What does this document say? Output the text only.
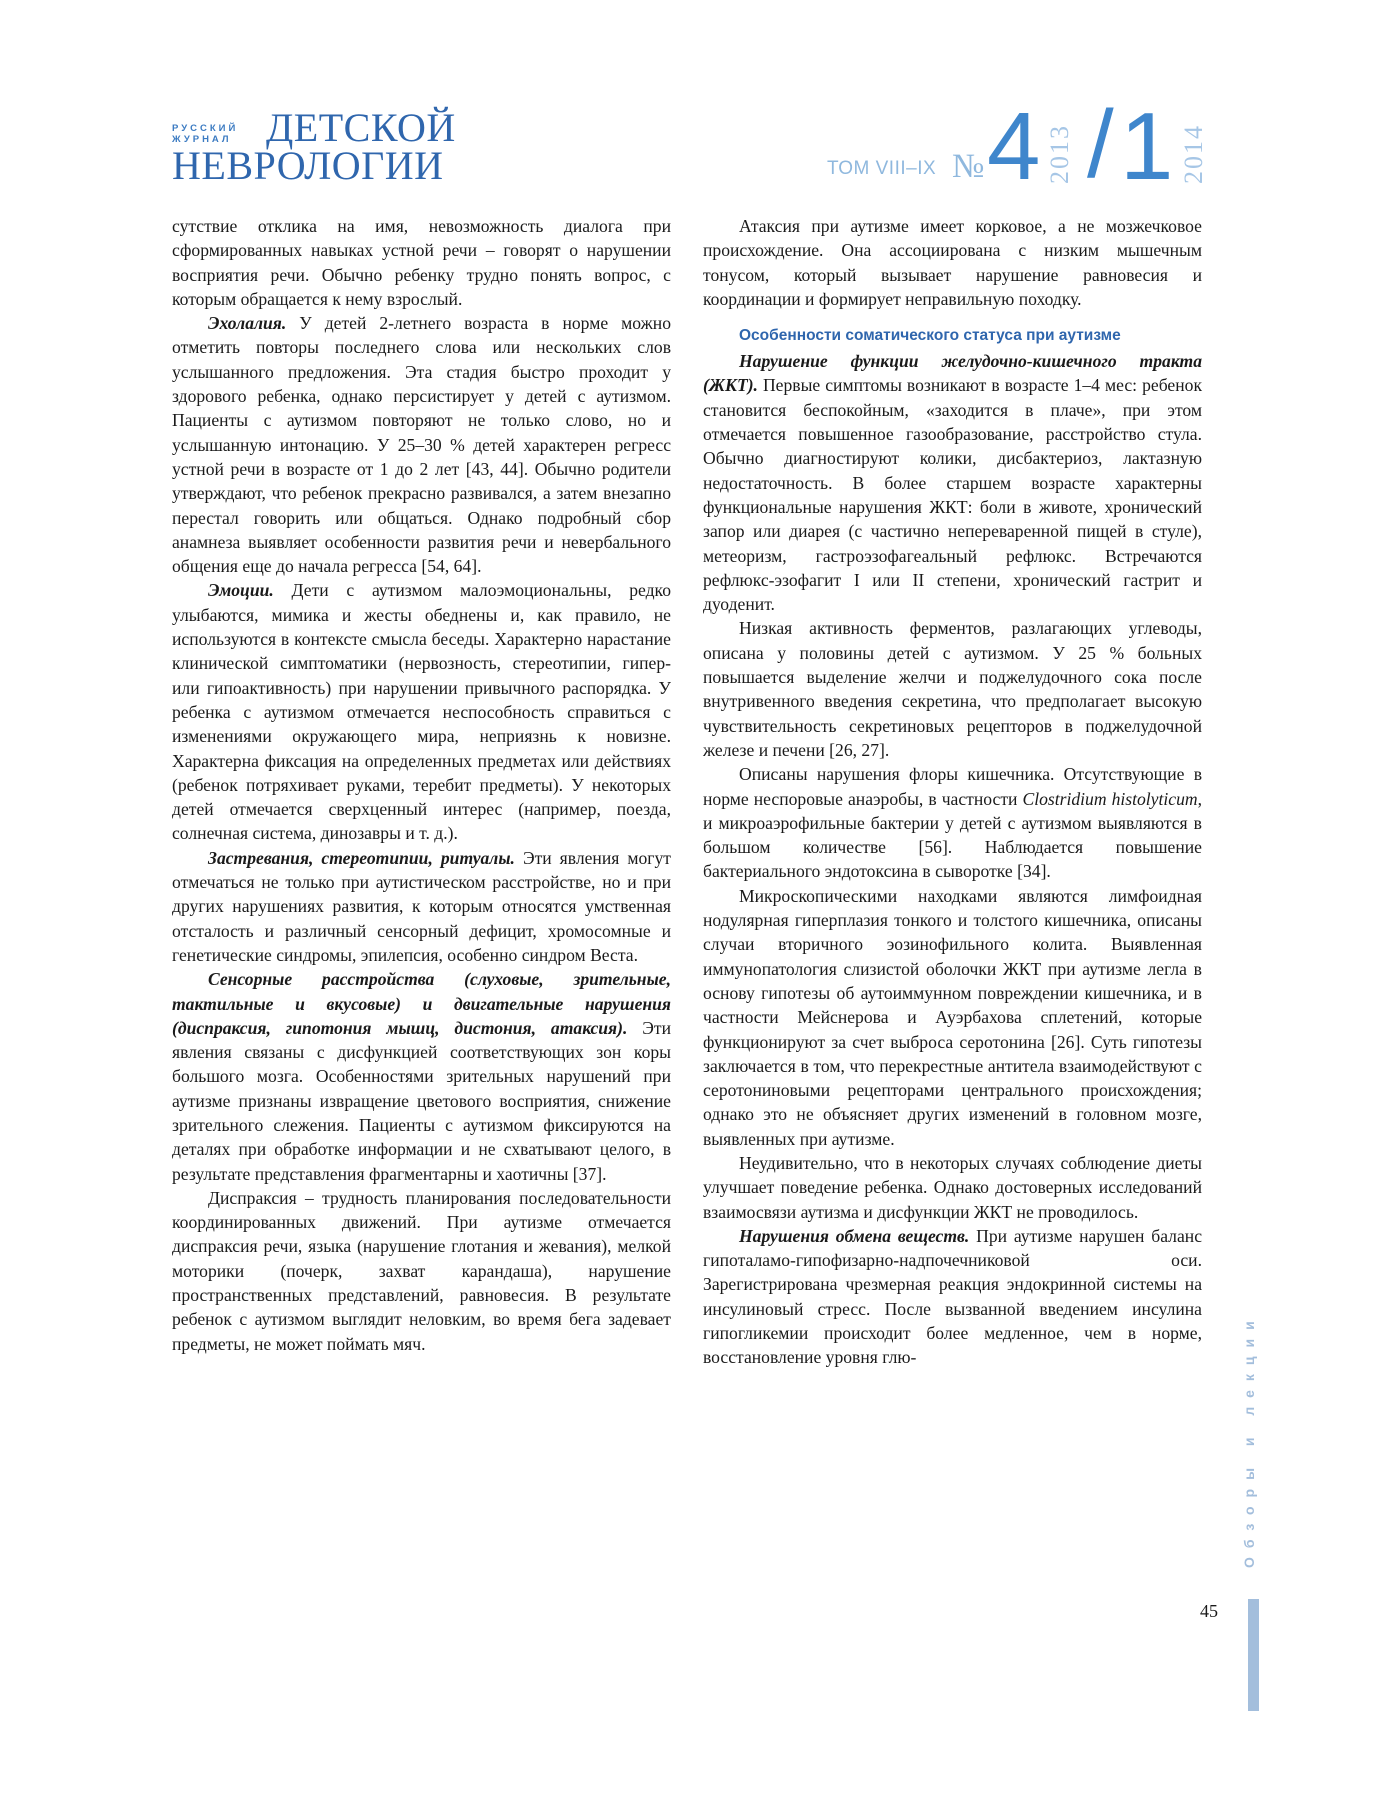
РУССКИЙ ЖУРНАЛ ДЕТСКОЙ
НЕВРОЛОГИИ	ТОМ VIII–IX № 4 2013 / 1 2014

сутствие отклика на имя, невозможность диалога при сформированных навыках устной речи – говорят о нарушении восприятия речи. Обычно ребенку трудно понять вопрос, с которым обращается к нему взрослый.

Эхолалия. У детей 2-летнего возраста в норме можно отметить повторы последнего слова или нескольких слов услышанного предложения. Эта стадия быстро проходит у здорового ребенка, однако персистирует у детей с аутизмом. Пациенты с аутизмом повторяют не только слово, но и услышанную интонацию. У 25–30 % детей характерен регресс устной речи в возрасте от 1 до 2 лет [43, 44]. Обычно родители утверждают, что ребенок прекрасно развивался, а затем внезапно перестал говорить или общаться. Однако подробный сбор анамнеза выявляет особенности развития речи и невербального общения еще до начала регресса [54, 64].

Эмоции. Дети с аутизмом малоэмоциональны, редко улыбаются, мимика и жесты обеднены и, как правило, не используются в контексте смысла беседы. Характерно нарастание клинической симптоматики (нервозность, стереотипии, гипер- или гипоактивность) при нарушении привычного распорядка. У ребенка с аутизмом отмечается неспособность справиться с изменениями окружающего мира, неприязнь к новизне. Характерна фиксация на определенных предметах или действиях (ребенок потряхивает руками, теребит предметы). У некоторых детей отмечается сверхценный интерес (например, поезда, солнечная система, динозавры и т. д.).

Застревания, стереотипии, ритуалы. Эти явления могут отмечаться не только при аутистическом расстройстве, но и при других нарушениях развития, к которым относятся умственная отсталость и различный сенсорный дефицит, хромосомные и генетические синдромы, эпилепсия, особенно синдром Веста.

Сенсорные расстройства (слуховые, зрительные, тактильные и вкусовые) и двигательные нарушения (диспраксия, гипотония мышц, дистония, атаксия). Эти явления связаны с дисфункцией соответствующих зон коры большого мозга. Особенностями зрительных нарушений при аутизме признаны извращение цветового восприятия, снижение зрительного слежения. Пациенты с аутизмом фиксируются на деталях при обработке информации и не схватывают целого, в результате представления фрагментарны и хаотичны [37].

Диспраксия – трудность планирования последовательности координированных движений. При аутизме отмечается диспраксия речи, языка (нарушение глотания и жевания), мелкой моторики (почерк, захват карандаша), нарушение пространственных представлений, равновесия. В результате ребенок с аутизмом выглядит неловким, во время бега задевает предметы, не может поймать мяч.

Атаксия при аутизме имеет корковое, а не мозжечковое происхождение. Она ассоциирована с низким мышечным тонусом, который вызывает нарушение равновесия и координации и формирует неправильную походку.

Особенности соматического статуса при аутизме

Нарушение функции желудочно-кишечного тракта (ЖКТ). Первые симптомы возникают в возрасте 1–4 мес: ребенок становится беспокойным, «заходится в плаче», при этом отмечается повышенное газообразование, расстройство стула. Обычно диагностируют колики, дисбактериоз, лактазную недостаточность. В более старшем возрасте характерны функциональные нарушения ЖКТ: боли в животе, хронический запор или диарея (с частично непереваренной пищей в стуле), метеоризм, гастроэзофагеальный рефлюкс. Встречаются рефлюкс-эзофагит I или II степени, хронический гастрит и дуоденит.

Низкая активность ферментов, разлагающих углеводы, описана у половины детей с аутизмом. У 25 % больных повышается выделение желчи и поджелудочного сока после внутривенного введения секретина, что предполагает высокую чувствительность секретиновых рецепторов в поджелудочной железе и печени [26, 27].

Описаны нарушения флоры кишечника. Отсутствующие в норме неспоровые анаэробы, в частности Clostridium histolyticum, и микроаэрофильные бактерии у детей с аутизмом выявляются в большом количестве [56]. Наблюдается повышение бактериального эндотоксина в сыворотке [34].

Микроскопическими находками являются лимфоидная нодулярная гиперплазия тонкого и толстого кишечника, описаны случаи вторичного эозинофильного колита. Выявленная иммунопатология слизистой оболочки ЖКТ при аутизме легла в основу гипотезы об аутоиммунном повреждении кишечника, и в частности Мейснерова и Ауэрбахова сплетений, которые функционируют за счет выброса серотонина [26]. Суть гипотезы заключается в том, что перекрестные антитела взаимодействуют с серотониновыми рецепторами центрального происхождения; однако это не объясняет других изменений в головном мозге, выявленных при аутизме.

Неудивительно, что в некоторых случаях соблюдение диеты улучшает поведение ребенка. Однако достоверных исследований взаимосвязи аутизма и дисфункции ЖКТ не проводилось.

Нарушения обмена веществ. При аутизме нарушен баланс гипоталамо-гипофизарно-надпочечниковой оси. Зарегистрирована чрезмерная реакция эндокринной системы на инсулиновый стресс. После вызванной введением инсулина гипогликемии происходит более медленное, чем в норме, восстановление уровня глю-	Обзоры и лекции
45
